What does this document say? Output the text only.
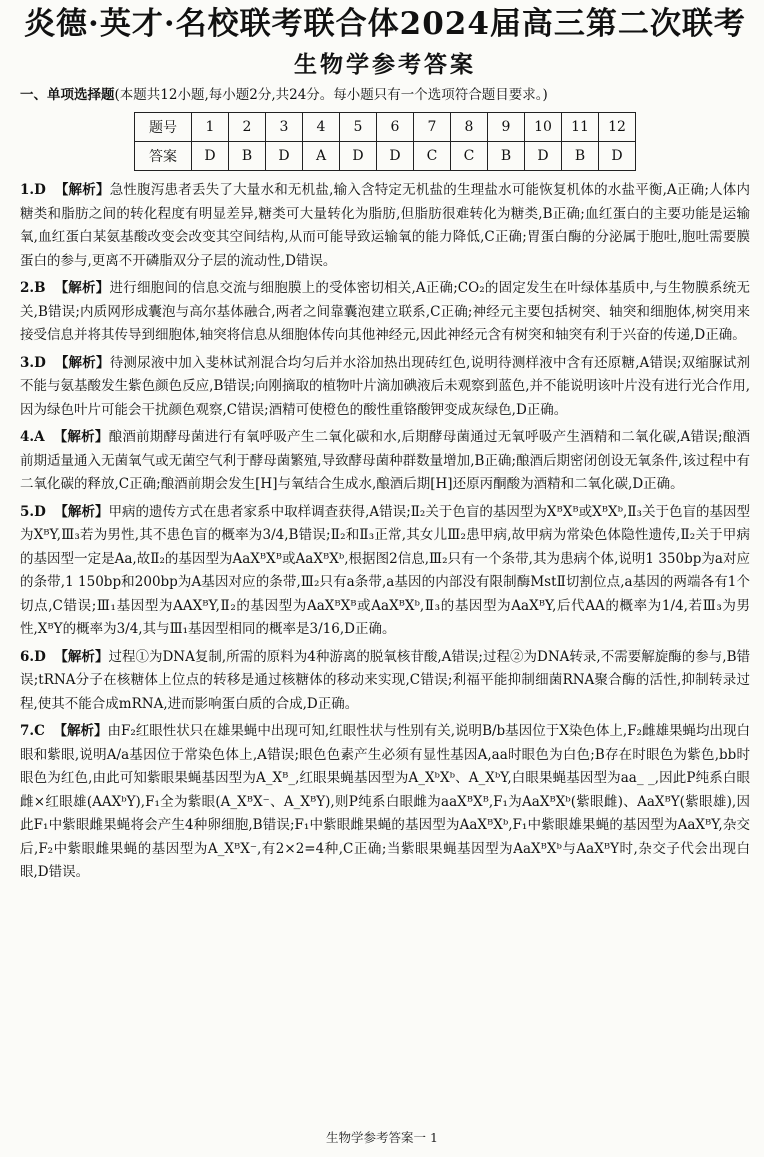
炎德·英才·名校联考联合体2024届高三第二次联考
生物学参考答案

一、单项选择题(本题共12小题,每小题2分,共24分。每小题只有一个选项符合题目要求。)

题号	1	2	3	4	5	6	7	8	9	10	11	12
答案	D	B	D	A	D	D	C	C	B	D	B	D

1.D 【解析】急性腹泻患者丢失了大量水和无机盐,输入含特定无机盐的生理盐水可能恢复机体的水盐平衡,A正确;人体内糖类和脂肪之间的转化程度有明显差异,糖类可大量转化为脂肪,但脂肪很难转化为糖类,B正确;血红蛋白的主要功能是运输氧,血红蛋白某氨基酸改变会改变其空间结构,从而可能导致运输氧的能力降低,C正确;胃蛋白酶的分泌属于胞吐,胞吐需要膜蛋白的参与,更离不开磷脂双分子层的流动性,D错误。

2.B 【解析】进行细胞间的信息交流与细胞膜上的受体密切相关,A正确;CO₂的固定发生在叶绿体基质中,与生物膜系统无关,B错误;内质网形成囊泡与高尔基体融合,两者之间靠囊泡建立联系,C正确;神经元主要包括树突、轴突和细胞体,树突用来接受信息并将其传导到细胞体,轴突将信息从细胞体传向其他神经元,因此神经元含有树突和轴突有利于兴奋的传递,D正确。

3.D 【解析】待测尿液中加入斐林试剂混合均匀后并水浴加热出现砖红色,说明待测样液中含有还原糖,A错误;双缩脲试剂不能与氨基酸发生紫色颜色反应,B错误;向刚摘取的植物叶片滴加碘液后未观察到蓝色,并不能说明该叶片没有进行光合作用,因为绿色叶片可能会干扰颜色观察,C错误;酒精可使橙色的酸性重铬酸钾变成灰绿色,D正确。

4.A 【解析】酿酒前期酵母菌进行有氧呼吸产生二氧化碳和水,后期酵母菌通过无氧呼吸产生酒精和二氧化碳,A错误;酿酒前期适量通入无菌氧气或无菌空气利于酵母菌繁殖,导致酵母菌种群数量增加,B正确;酿酒后期密闭创设无氧条件,该过程中有二氧化碳的释放,C正确;酿酒前期会发生[H]与氧结合生成水,酿酒后期[H]还原丙酮酸为酒精和二氧化碳,D正确。

5.D 【解析】甲病的遗传方式在患者家系中取样调查获得,A错误;Ⅱ₂关于色盲的基因型为XᴮXᴮ或XᴮXᵇ,Ⅱ₃关于色盲的基因型为XᴮY,Ⅲ₃若为男性,其不患色盲的概率为3/4,B错误;Ⅱ₂和Ⅱ₃正常,其女儿Ⅲ₂患甲病,故甲病为常染色体隐性遗传,Ⅱ₂关于甲病的基因型一定是Aa,故Ⅱ₂的基因型为AaXᴮXᴮ或AaXᴮXᵇ,根据图2信息,Ⅲ₂只有一个条带,其为患病个体,说明1 350bp为a对应的条带,1 150bp和200bp为A基因对应的条带,Ⅲ₂只有a条带,a基因的内部没有限制酶MstⅡ切割位点,a基因的两端各有1个切点,C错误;Ⅲ₁基因型为AAXᴮY,Ⅱ₂的基因型为AaXᴮXᴮ或AaXᴮXᵇ,Ⅱ₃的基因型为AaXᴮY,后代AA的概率为1/4,若Ⅲ₃为男性,XᴮY的概率为3/4,其与Ⅲ₁基因型相同的概率是3/16,D正确。

6.D 【解析】过程①为DNA复制,所需的原料为4种游离的脱氧核苷酸,A错误;过程②为DNA转录,不需要解旋酶的参与,B错误;tRNA分子在核糖体上位点的转移是通过核糖体的移动来实现,C错误;利福平能抑制细菌RNA聚合酶的活性,抑制转录过程,使其不能合成mRNA,进而影响蛋白质的合成,D正确。

7.C 【解析】由F₂红眼性状只在雄果蝇中出现可知,红眼性状与性别有关,说明B/b基因位于X染色体上,F₂雌雄果蝇均出现白眼和紫眼,说明A/a基因位于常染色体上,A错误;眼色色素产生必须有显性基因A,aa时眼色为白色;B存在时眼色为紫色,bb时眼色为红色,由此可知紫眼果蝇基因型为A_Xᴮ_,红眼果蝇基因型为A_XᵇXᵇ、A_XᵇY,白眼果蝇基因型为aa_ _,因此P纯系白眼雌×红眼雄(AAXᵇY),F₁全为紫眼(A_XᴮX⁻、A_XᴮY),则P纯系白眼雌为aaXᴮXᴮ,F₁为AaXᴮXᵇ(紫眼雌)、AaXᴮY(紫眼雄),因此F₁中紫眼雌果蝇将会产生4种卵细胞,B错误;F₁中紫眼雌果蝇的基因型为AaXᴮXᵇ,F₁中紫眼雄果蝇的基因型为AaXᴮY,杂交后,F₂中紫眼雌果蝇的基因型为A_XᴮX⁻,有2×2=4种,C正确;当紫眼果蝇基因型为AaXᴮXᵇ与AaXᴮY时,杂交子代会出现白眼,D错误。

生物学参考答案一 1
